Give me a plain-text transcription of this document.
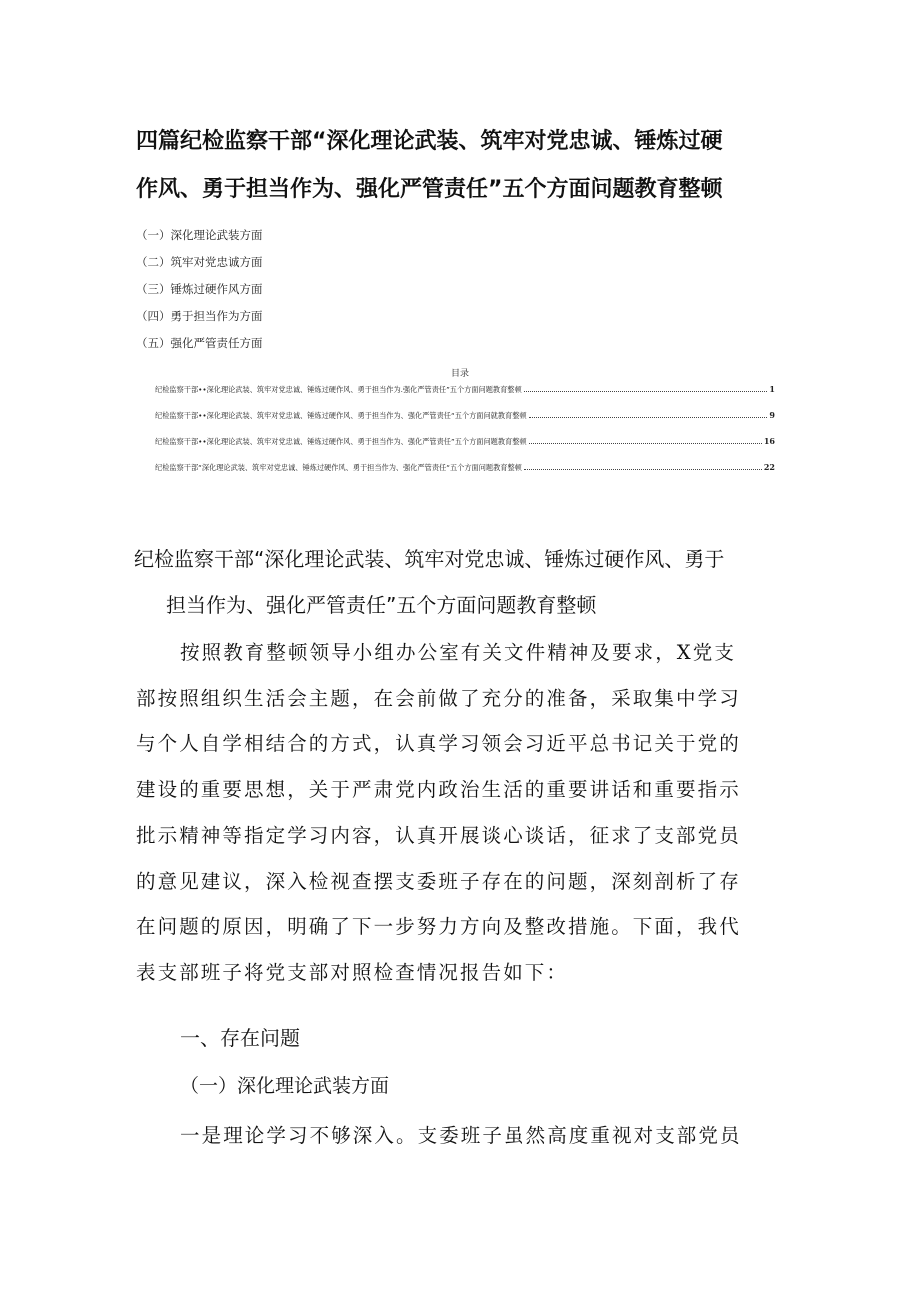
四篇纪检监察干部“深化理论武装、筑牢对党忠诚、锤炼过硬
作风、勇于担当作为、强化严管责任”五个方面问题教育整顿
（一）深化理论武装方面
（二）筑牢对党忠诚方面
（三）锤炼过硬作风方面
（四）勇于担当作为方面
（五）强化严管责任方面
目录
纪检监察干部••深化理论武装、筑牢对党忠诚、锤炼过硬作风、勇于担当作为.强化严管责任”五个方面问题教育整顿	1
纪检监察干部••深化理论武装、筑牢对党忠诚、锤炼过硬作风、勇于担当作为、强化严管责任“五个方面问就教育整顿	9
纪检监察干部••深化理论武装、筑牢对党忠诚、锤炼过硬作风、勇于担当作为、强化严管责任”五个方面问题教育整顿	16
纪检监察干部“深化理论武装、筑牢对党忠诚、锤炼过硬作风、勇于担当作为、强化严管责任“五个方面问题教育整顿	22
纪检监察干部“深化理论武装、筑牢对党忠诚、锤炼过硬作风、勇于
担当作为、强化严管责任”五个方面问题教育整顿
按照教育整顿领导小组办公室有关文件精神及要求，X党支
部按照组织生活会主题，在会前做了充分的准备，采取集中学习
与个人自学相结合的方式，认真学习领会习近平总书记关于党的
建设的重要思想，关于严肃党内政治生活的重要讲话和重要指示
批示精神等指定学习内容，认真开展谈心谈话，征求了支部党员
的意见建议，深入检视查摆支委班子存在的问题，深刻剖析了存
在问题的原因，明确了下一步努力方向及整改措施。下面，我代
表支部班子将党支部对照检查情况报告如下：
一、存在问题
（一）深化理论武装方面
一是理论学习不够深入。支委班子虽然高度重视对支部党员
